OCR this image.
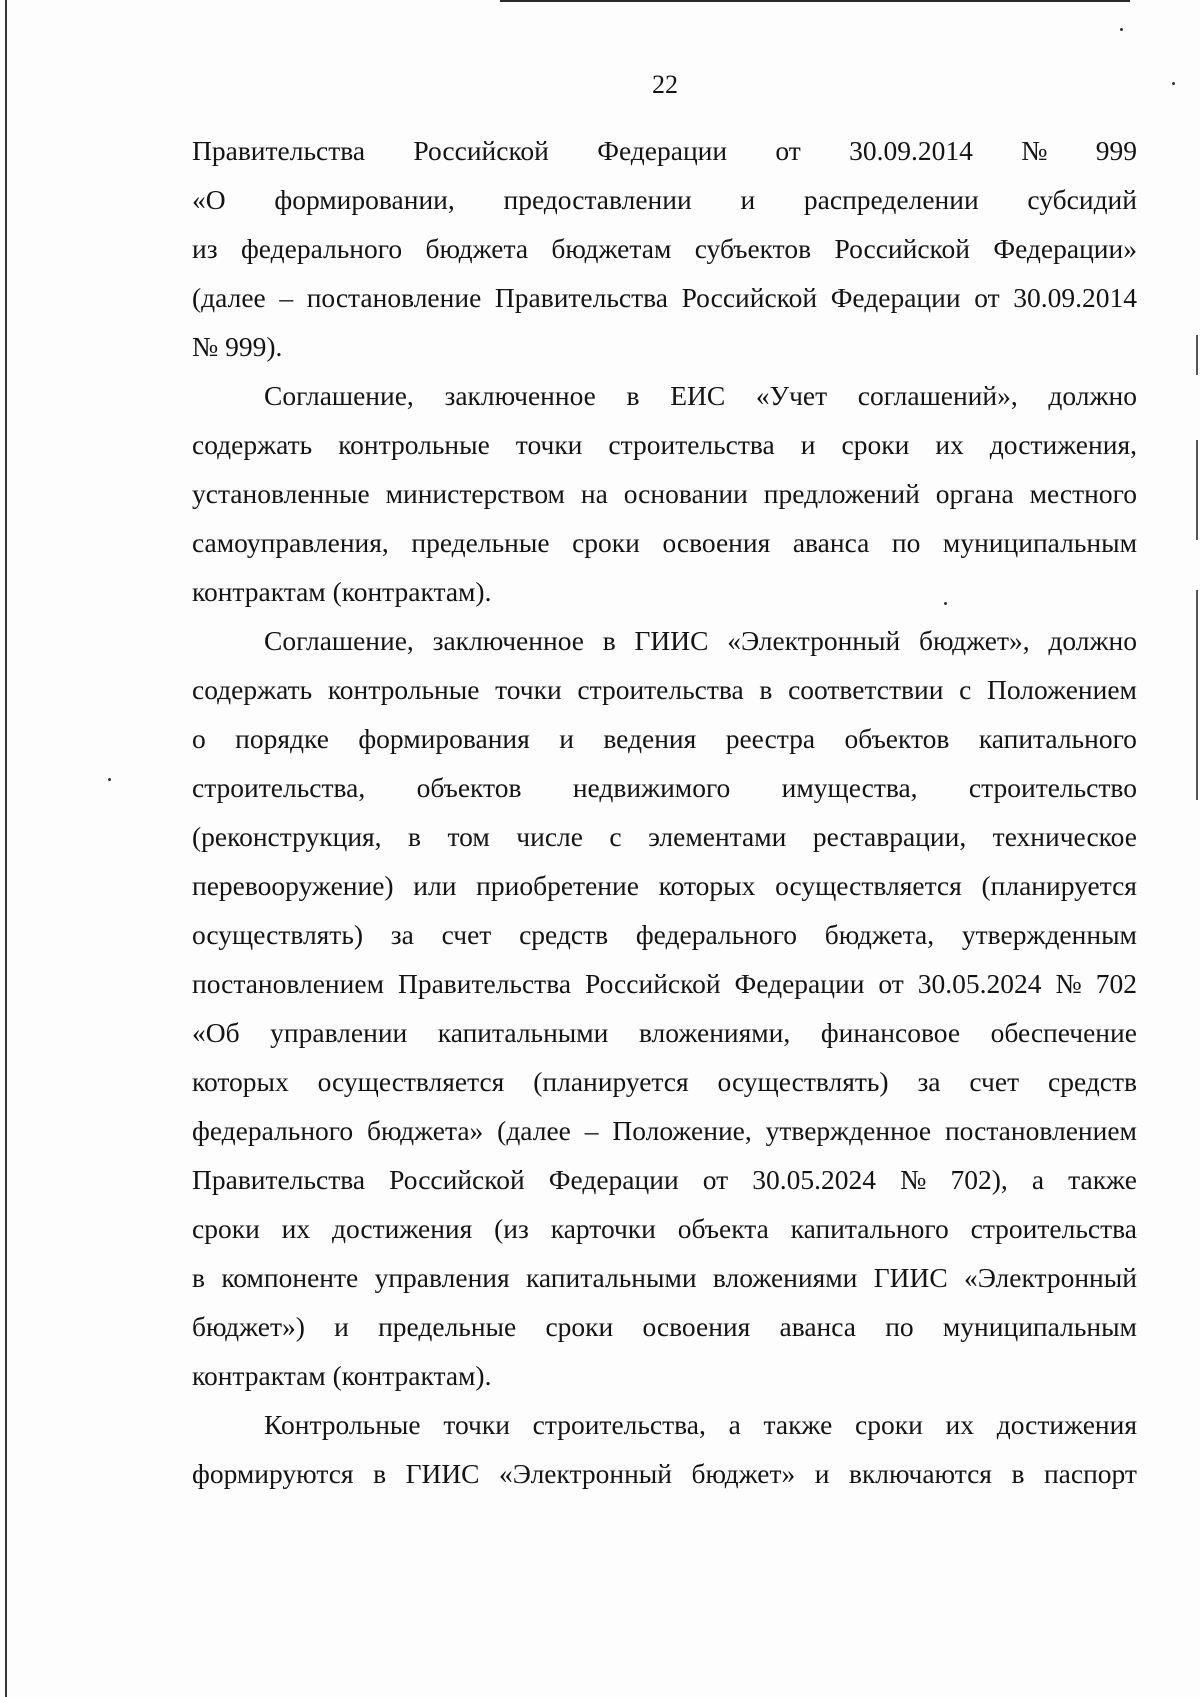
22
Правительства Российской Федерации от 30.09.2014 № 999
«О формировании, предоставлении и распределении субсидий
из федерального бюджета бюджетам субъектов Российской Федерации»
(далее – постановление Правительства Российской Федерации от 30.09.2014
№ 999).
Соглашение, заключенное в ЕИС «Учет соглашений», должно
содержать контрольные точки строительства и сроки их достижения,
установленные министерством на основании предложений органа местного
самоуправления, предельные сроки освоения аванса по муниципальным
контрактам (контрактам).
Соглашение, заключенное в ГИИС «Электронный бюджет», должно
содержать контрольные точки строительства в соответствии с Положением
о порядке формирования и ведения реестра объектов капитального
строительства, объектов недвижимого имущества, строительство
(реконструкция, в том числе с элементами реставрации, техническое
перевооружение) или приобретение которых осуществляется (планируется
осуществлять) за счет средств федерального бюджета, утвержденным
постановлением Правительства Российской Федерации от 30.05.2024 № 702
«Об управлении капитальными вложениями, финансовое обеспечение
которых осуществляется (планируется осуществлять) за счет средств
федерального бюджета» (далее – Положение, утвержденное постановлением
Правительства Российской Федерации от 30.05.2024 № 702), а также
сроки их достижения (из карточки объекта капитального строительства
в компоненте управления капитальными вложениями ГИИС «Электронный
бюджет») и предельные сроки освоения аванса по муниципальным
контрактам (контрактам).
Контрольные точки строительства, а также сроки их достижения
формируются в ГИИС «Электронный бюджет» и включаются в паспорт
